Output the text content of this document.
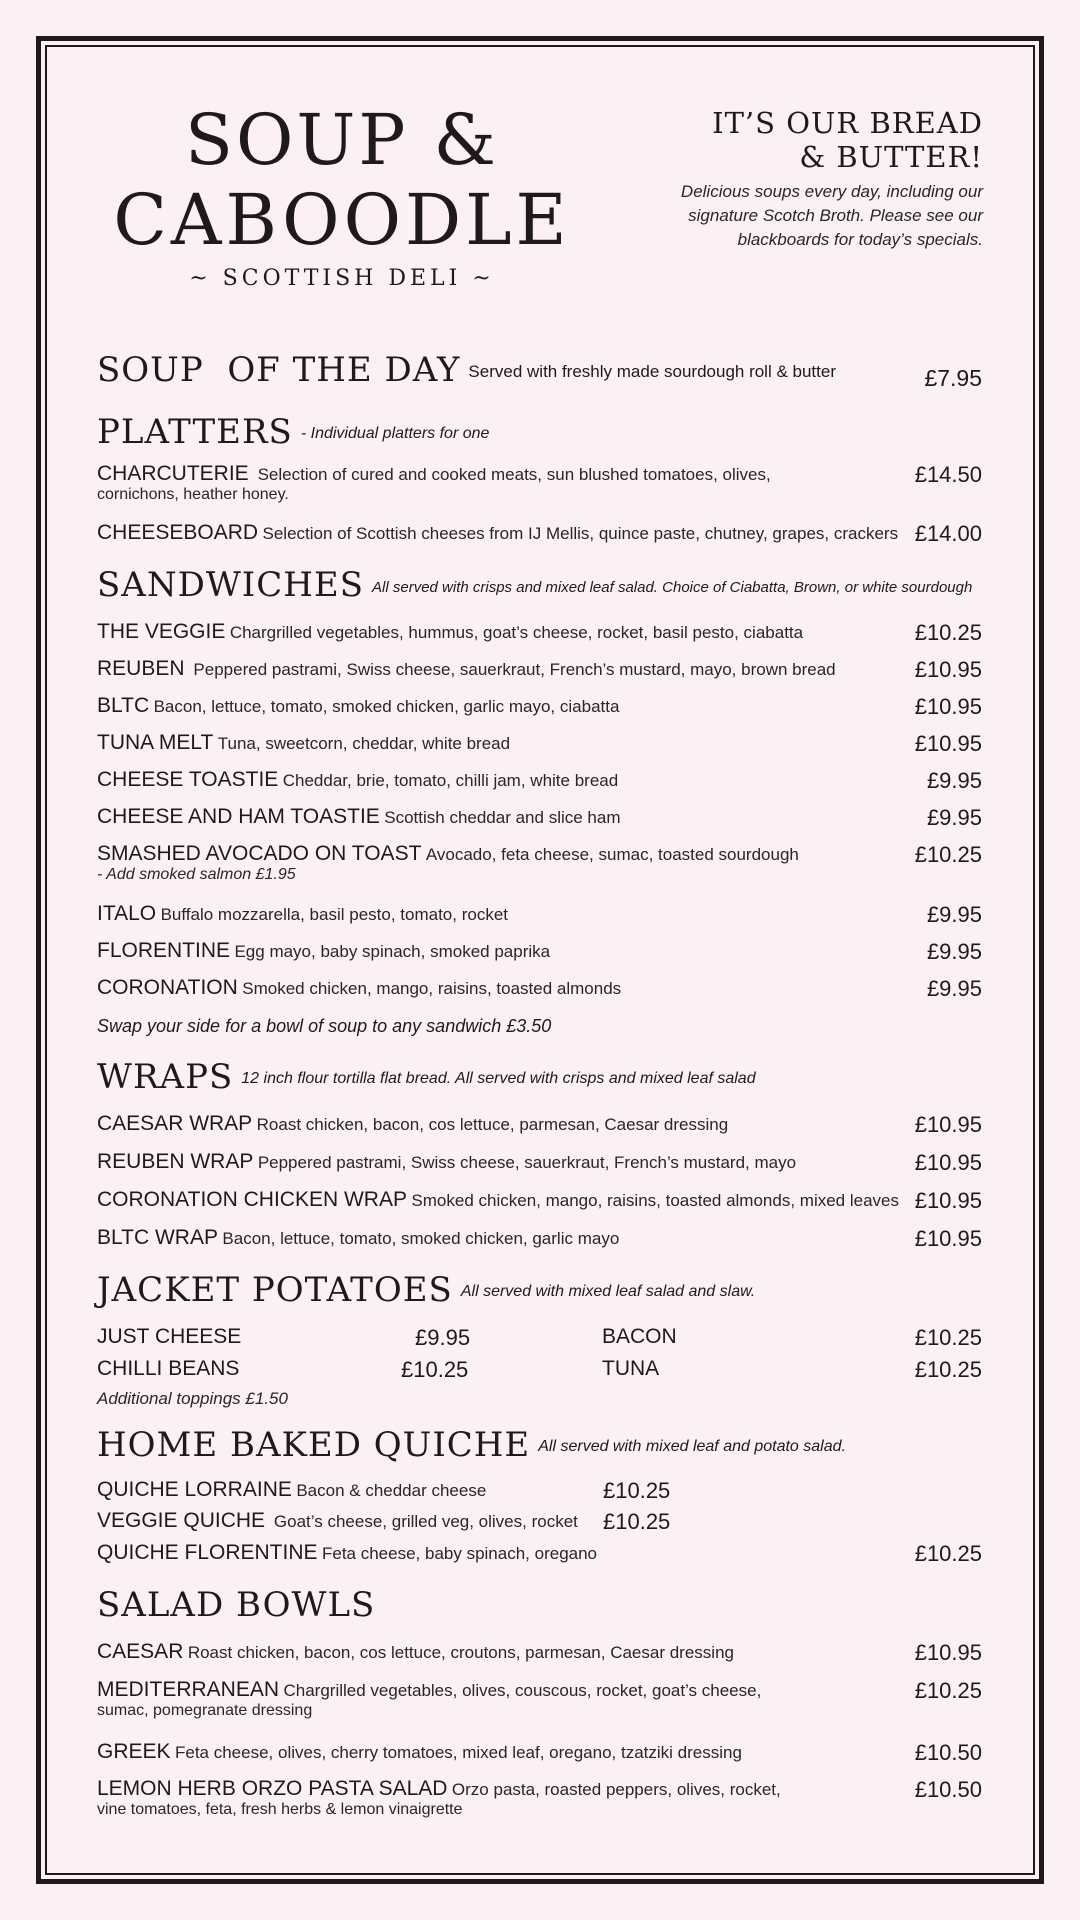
SOUP &
CABOODLE
~ SCOTTISH DELI ~
IT’S OUR BREAD
& BUTTER!
Delicious soups every day, including our
signature Scotch Broth. Please see our
blackboards for today’s specials.
SOUP  OF THE DAY Served with freshly made sourdough roll & butter	£7.95
PLATTERS - Individual platters for one
CHARCUTERIE Selection of cured and cooked meats, sun blushed tomatoes, olives,
cornichons, heather honey.
£14.50
CHEESEBOARD Selection of Scottish cheeses from IJ Mellis, quince paste, chutney, grapes, crackers £14.00
SANDWICHES All served with crisps and mixed leaf salad. Choice of Ciabatta, Brown, or white sourdough
THE VEGGIE Chargrilled vegetables, hummus, goat’s cheese, rocket, basil pesto, ciabatta	£10.25
REUBEN Peppered pastrami, Swiss cheese, sauerkraut, French’s mustard, mayo, brown bread	£10.95
BLTC Bacon, lettuce, tomato, smoked chicken, garlic mayo, ciabatta	£10.95
TUNA MELT Tuna, sweetcorn, cheddar, white bread	£10.95
CHEESE TOASTIE Cheddar, brie, tomato, chilli jam, white bread	£9.95
CHEESE AND HAM TOASTIE Scottish cheddar and slice ham	£9.95
SMASHED AVOCADO ON TOAST Avocado, feta cheese, sumac, toasted sourdough
- Add smoked salmon £1.95
£10.25
ITALO Buffalo mozzarella, basil pesto, tomato, rocket	£9.95
FLORENTINE Egg mayo, baby spinach, smoked paprika	£9.95
CORONATION Smoked chicken, mango, raisins, toasted almonds	£9.95
Swap your side for a bowl of soup to any sandwich £3.50
WRAPS 12 inch flour tortilla flat bread. All served with crisps and mixed leaf salad
CAESAR WRAP Roast chicken, bacon, cos lettuce, parmesan, Caesar dressing	£10.95
REUBEN WRAP Peppered pastrami, Swiss cheese, sauerkraut, French’s mustard, mayo	£10.95
CORONATION CHICKEN WRAP Smoked chicken, mango, raisins, toasted almonds, mixed leaves £10.95
BLTC WRAP Bacon, lettuce, tomato, smoked chicken, garlic mayo	£10.95
JACKET POTATOES All served with mixed leaf salad and slaw.
JUST CHEESE	£9.95	BACON	£10.25
CHILLI BEANS	£10.25	TUNA	£10.25
Additional toppings £1.50
HOME BAKED QUICHE All served with mixed leaf and potato salad.
QUICHE LORRAINE Bacon & cheddar cheese	£10.25
VEGGIE QUICHE Goat’s cheese, grilled veg, olives, rocket £10.25
QUICHE FLORENTINE Feta cheese, baby spinach, oregano	£10.25
SALAD BOWLS
CAESAR Roast chicken, bacon, cos lettuce, croutons, parmesan, Caesar dressing	£10.95
MEDITERRANEAN Chargrilled vegetables, olives, couscous, rocket, goat’s cheese,
sumac, pomegranate dressing
£10.25
GREEK Feta cheese, olives, cherry tomatoes, mixed leaf, oregano, tzatziki dressing	£10.50
LEMON HERB ORZO PASTA SALAD Orzo pasta, roasted peppers, olives, rocket,
vine tomatoes, feta, fresh herbs & lemon vinaigrette
£10.50
